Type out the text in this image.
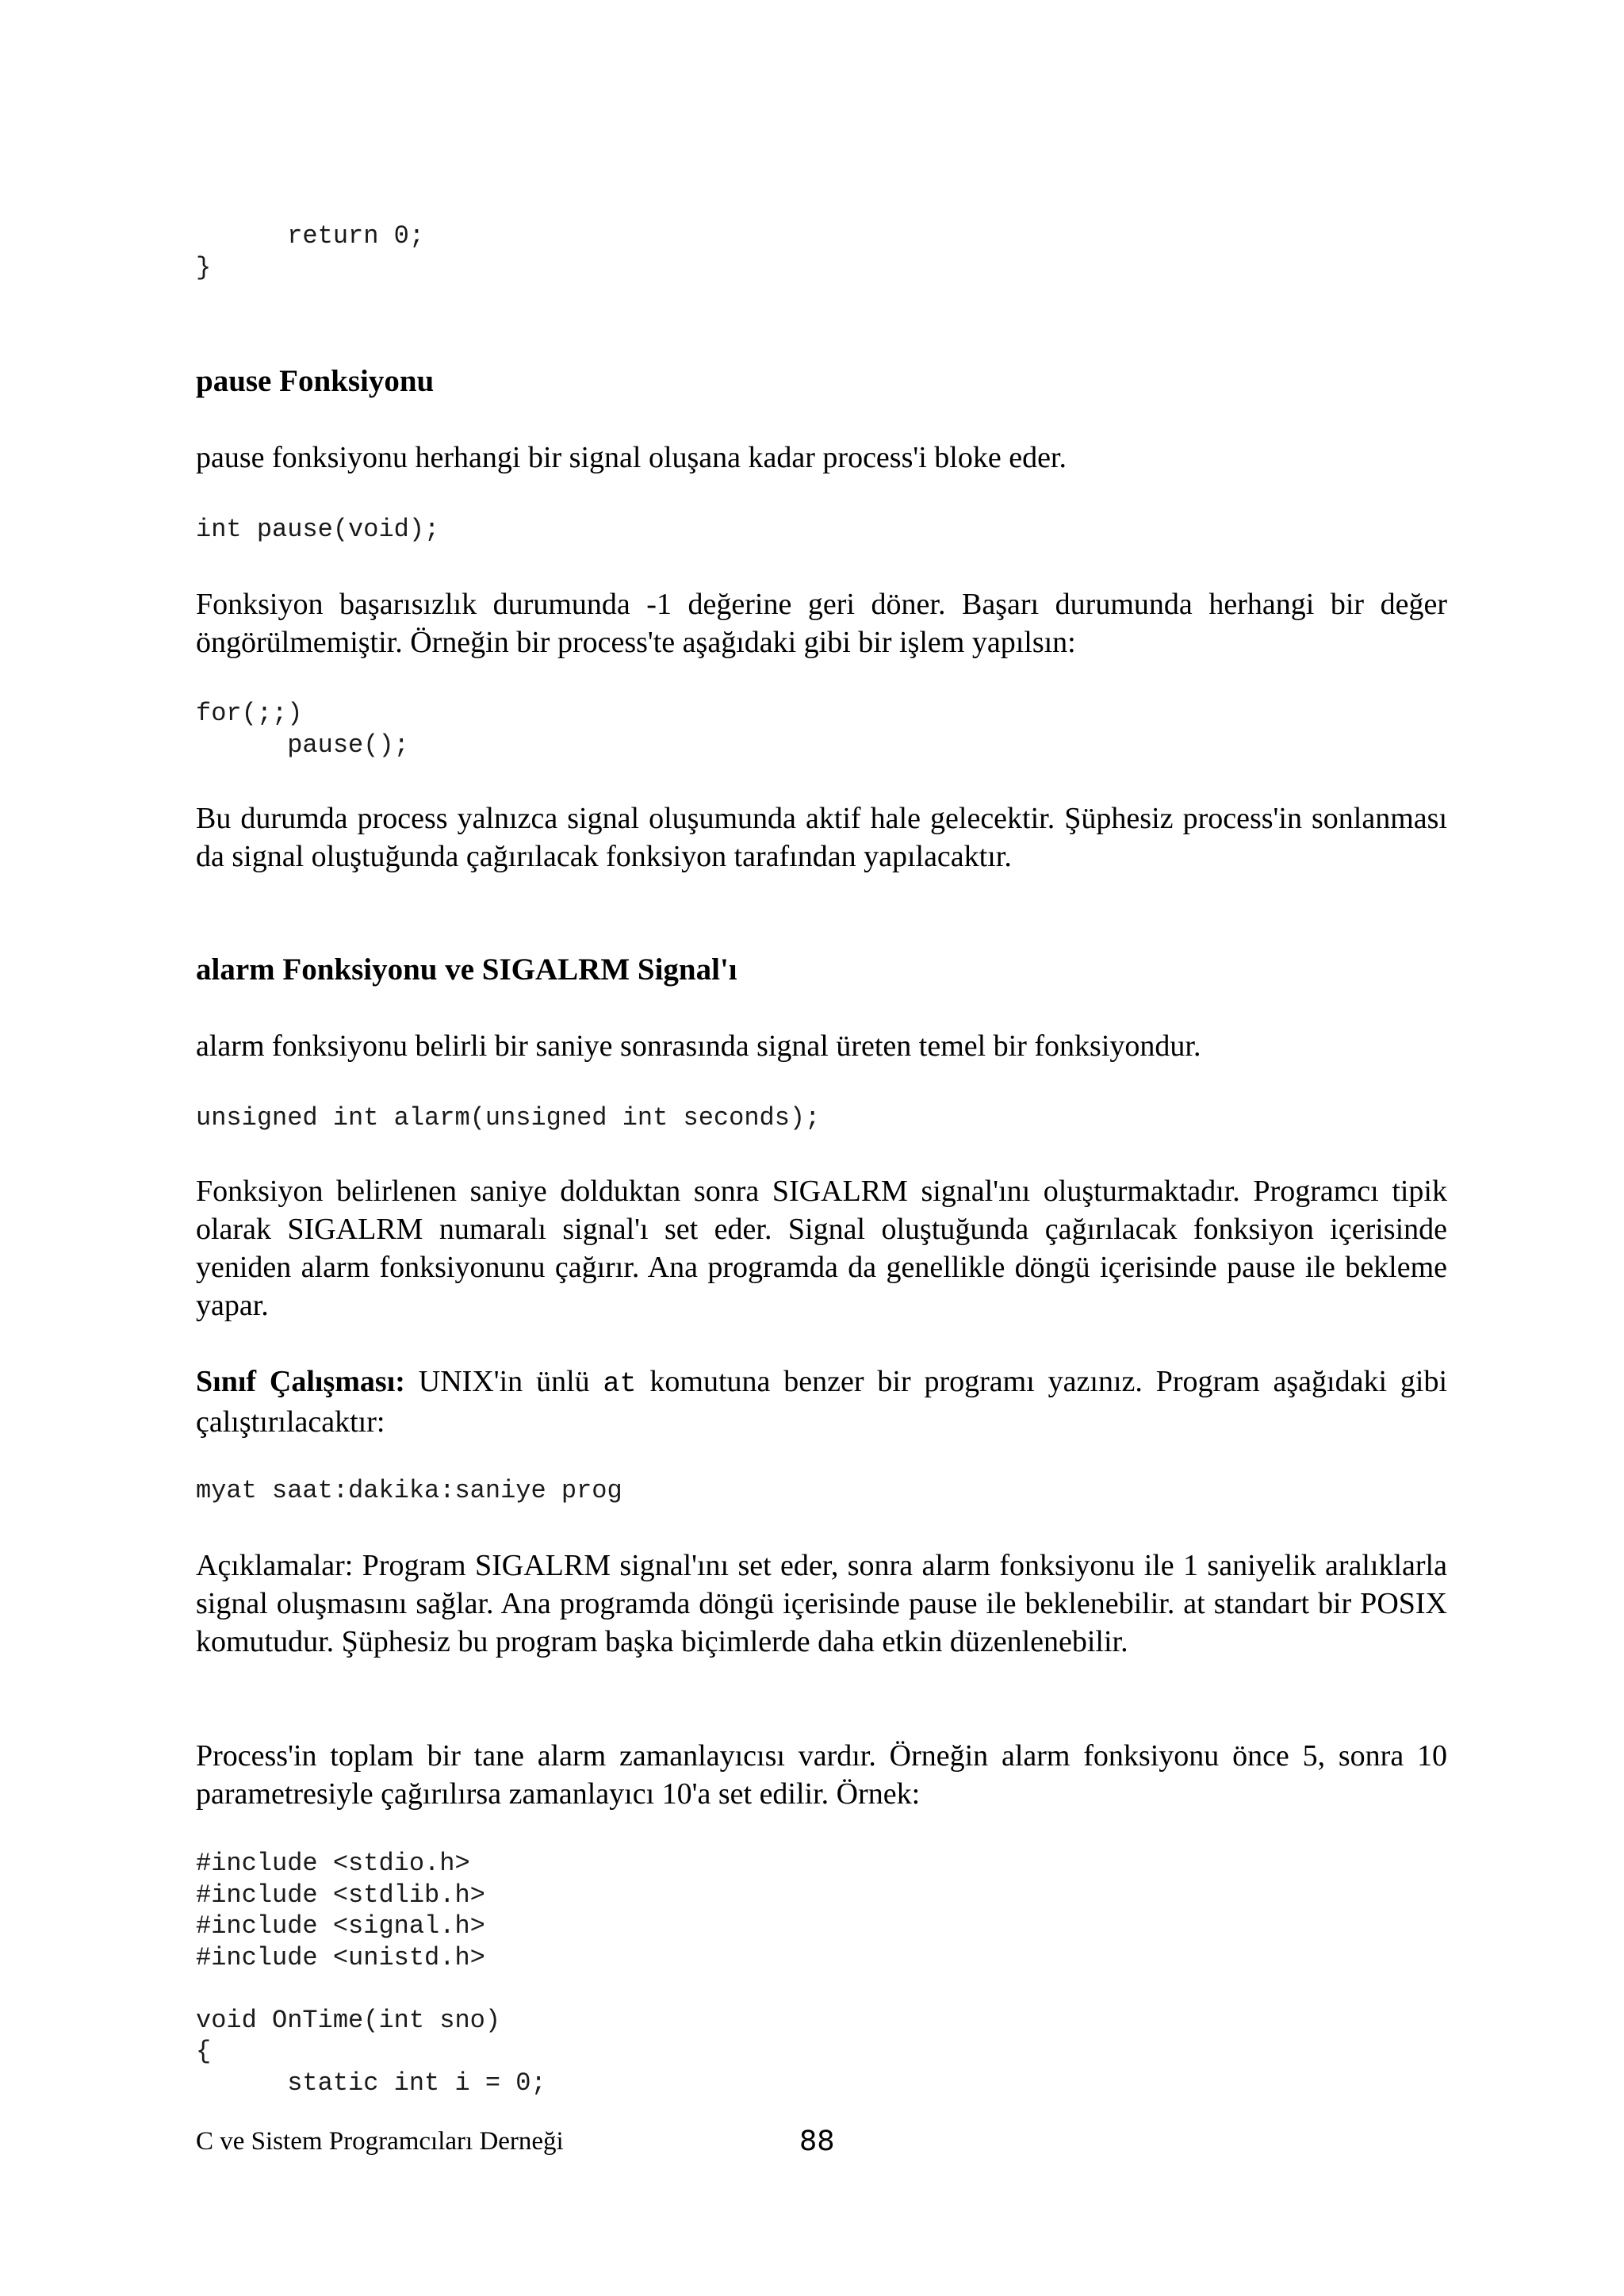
return 0;
}
pause Fonksiyonu

pause fonksiyonu herhangi bir signal oluşana kadar process'i bloke eder.

int pause(void);

Fonksiyon başarısızlık durumunda -1 değerine geri döner. Başarı durumunda herhangi bir değer öngörülmemiştir. Örneğin bir process'te aşağıdaki gibi bir işlem yapılsın:

for(;;)
pause();

Bu durumda process yalnızca signal oluşumunda aktif hale gelecektir. Şüphesiz process'in sonlanması da signal oluştuğunda çağırılacak fonksiyon tarafından yapılacaktır.

alarm Fonksiyonu ve SIGALRM Signal'ı

alarm fonksiyonu belirli bir saniye sonrasında signal üreten temel bir fonksiyondur.

unsigned int alarm(unsigned int seconds);

Fonksiyon belirlenen saniye dolduktan sonra SIGALRM signal'ını oluşturmaktadır. Programcı tipik olarak SIGALRM numaralı signal'ı set eder. Signal oluştuğunda çağırılacak fonksiyon içerisinde yeniden alarm fonksiyonunu çağırır. Ana programda da genellikle döngü içerisinde pause ile bekleme yapar.

Sınıf Çalışması: UNIX'in ünlü at komutuna benzer bir programı yazınız. Program aşağıdaki gibi çalıştırılacaktır:

myat saat:dakika:saniye prog

Açıklamalar: Program SIGALRM signal'ını set eder, sonra alarm fonksiyonu ile 1 saniyelik aralıklarla signal oluşmasını sağlar. Ana programda döngü içerisinde pause ile beklenebilir. at standart bir POSIX komutudur. Şüphesiz bu program başka biçimlerde daha etkin düzenlenebilir.

Process'in toplam bir tane alarm zamanlayıcısı vardır. Örneğin alarm fonksiyonu önce 5, sonra 10 parametresiyle çağırılırsa zamanlayıcı 10'a set edilir. Örnek:

#include <stdio.h>
#include <stdlib.h>
#include <signal.h>
#include <unistd.h>

void OnTime(int sno)
{
static int i = 0;
C ve Sistem Programcıları Derneği	88
